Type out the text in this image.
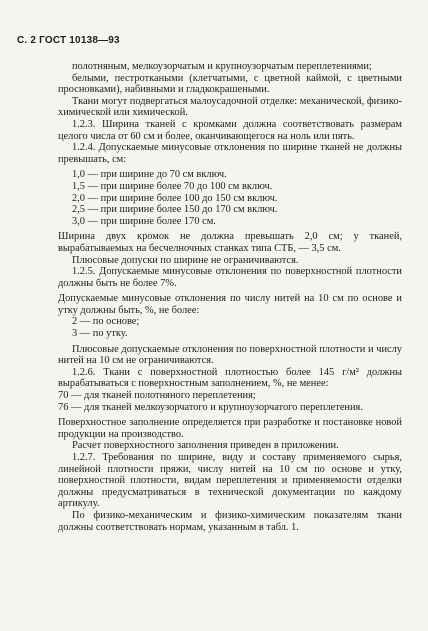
С. 2 ГОСТ 10138—93

полотняным, мелкоузорчатым и крупноузорчатым переплетениями;

белыми, пестроткаными (клетчатыми, с цветной каймой, с цветными просновками), набивными и гладкокрашеными.

Ткани могут подвергаться малоусадочной отделке: механической, физико-химической или химической.

1.2.3. Ширина тканей с кромками должна соответствовать размерам целого числа от 60 см и более, оканчивающегося на ноль или пять.

1.2.4. Допускаемые минусовые отклонения по ширине тканей не должны превышать, см:

1,0 — при ширине до 70 см включ.

1,5 — при ширине более 70 до 100 см включ.

2,0 — при ширине более 100 до 150 см включ.

2,5 — при ширине более 150 до 170 см включ.

3,0 — при ширине более 170 см.

Ширина двух кромок не должна превышать 2,0 см; у тканей, вырабатываемых на бесчелночных станках типа СТБ, — 3,5 см.

Плюсовые допуски по ширине не ограничиваются.

1.2.5. Допускаемые минусовые отклонения по поверхностной плотности должны быть не более 7%.

Допускаемые минусовые отклонения по числу нитей на 10 см по основе и утку должны быть, %, не более:

2 — по основе;

3 — по утку.

Плюсовые допускаемые отклонения по поверхностной плотности и числу нитей на 10 см не ограничиваются.

1.2.6. Ткани с поверхностной плотностью более 145 г/м² должны вырабатываться с поверхностным заполнением, %, не менее:

70 — для тканей полотняного переплетения;

76 — для тканей мелкоузорчатого и крупноузорчатого переплетения.

Поверхностное заполнение определяется при разработке и постановке новой продукции на производство.

Расчет поверхностного заполнения приведен в приложении.

1.2.7. Требования по ширине, виду и составу применяемого сырья, линейной плотности пряжи, числу нитей на 10 см по основе и утку, поверхностной плотности, видам переплетения и применяемости отделки должны предусматриваться в технической документации по каждому артикулу.

По физико-механическим и физико-химическим показателям ткани должны соответствовать нормам, указанным в табл. 1.
